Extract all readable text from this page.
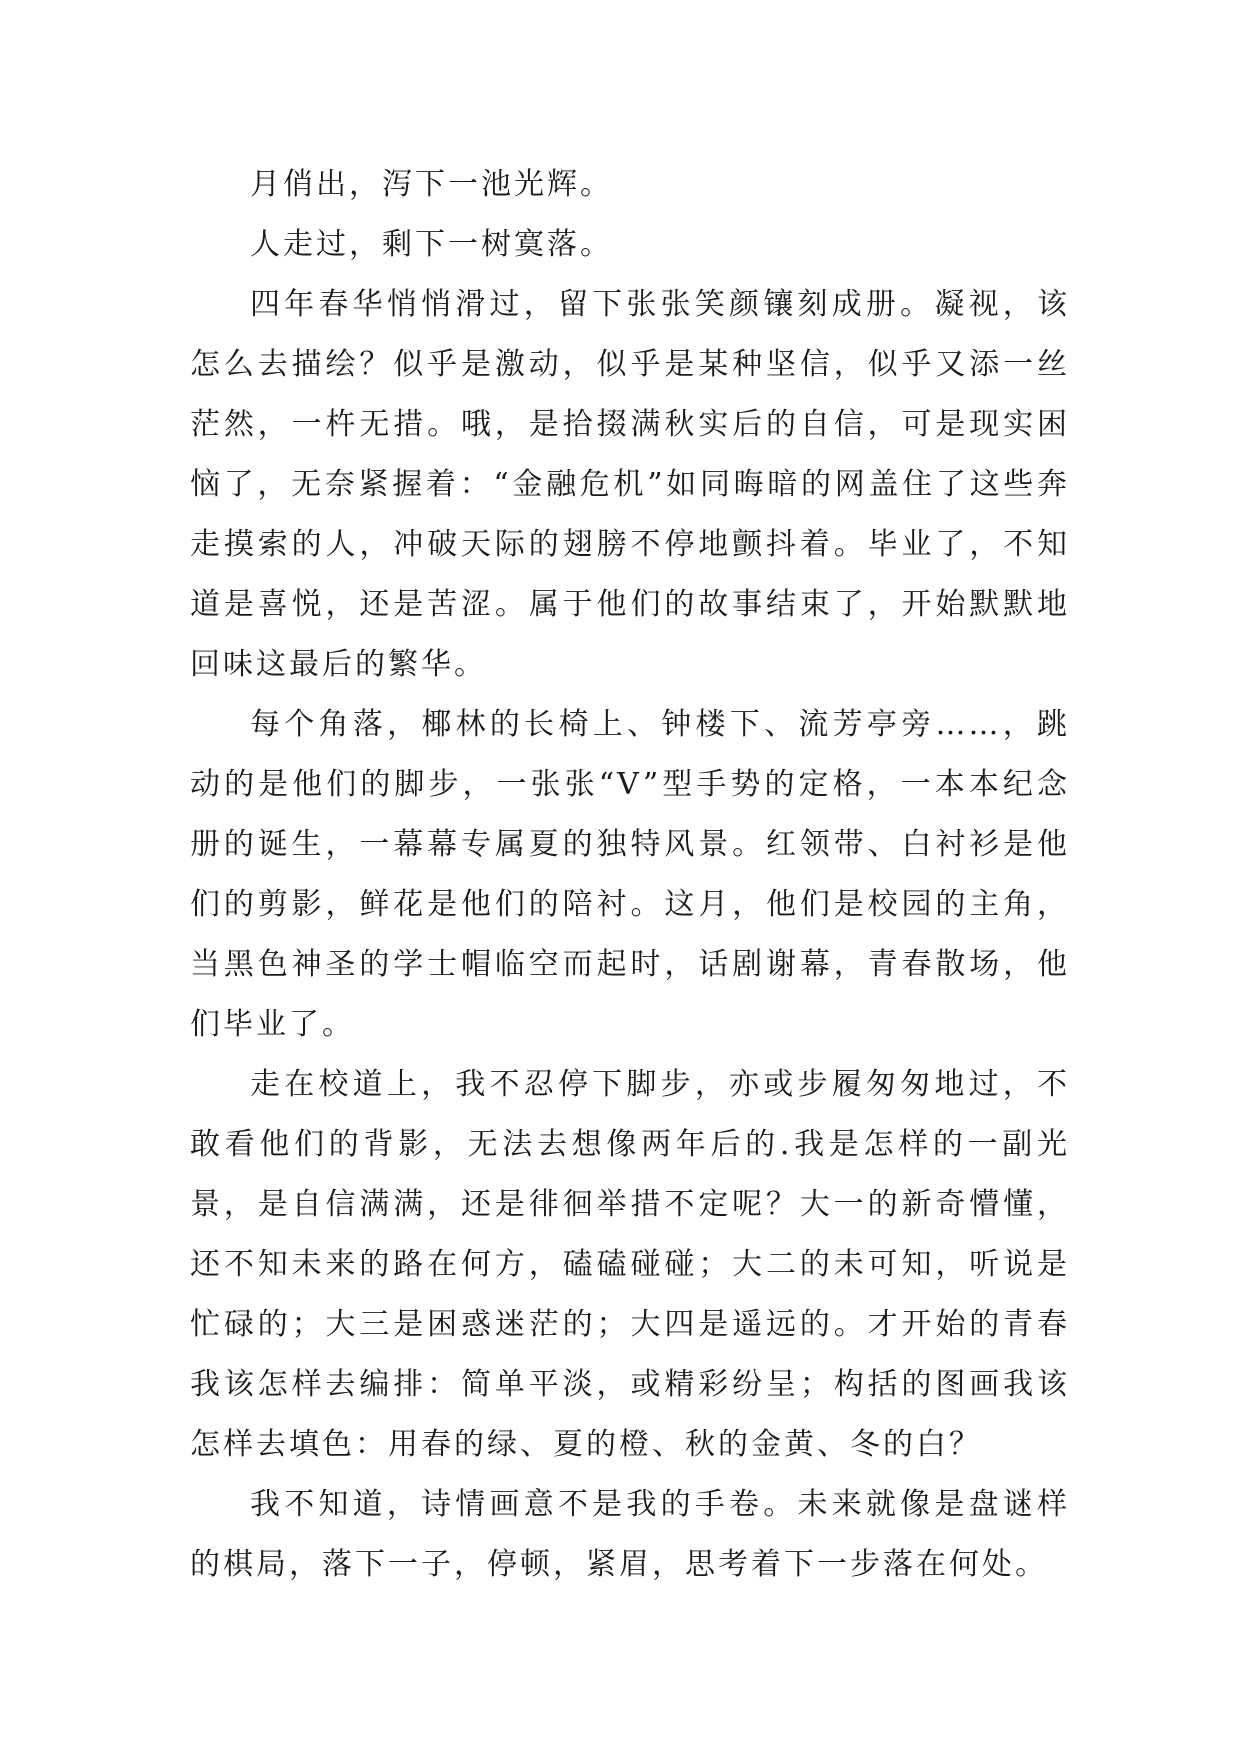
月俏出，泻下一池光辉。

人走过，剩下一树寞落。

四年春华悄悄滑过，留下张张笑颜镶刻成册。凝视，该怎么去描绘？似乎是激动，似乎是某种坚信，似乎又添一丝茫然，一杵无措。哦，是拾掇满秋实后的自信，可是现实困恼了，无奈紧握着：“金融危机”如同晦暗的网盖住了这些奔走摸索的人，冲破天际的翅膀不停地颤抖着。毕业了，不知道是喜悦，还是苦涩。属于他们的故事结束了，开始默默地回味这最后的繁华。

每个角落，椰林的长椅上、钟楼下、流芳亭旁……，跳动的是他们的脚步，一张张“V”型手势的定格，一本本纪念册的诞生，一幕幕专属夏的独特风景。红领带、白衬衫是他们的剪影，鲜花是他们的陪衬。这月，他们是校园的主角，当黑色神圣的学士帽临空而起时，话剧谢幕，青春散场，他们毕业了。

走在校道上，我不忍停下脚步，亦或步履匆匆地过，不敢看他们的背影，无法去想像两年后的.我是怎样的一副光景，是自信满满，还是徘徊举措不定呢？大一的新奇懵懂，还不知未来的路在何方，磕磕碰碰；大二的未可知，听说是忙碌的；大三是困惑迷茫的；大四是遥远的。才开始的青春我该怎样去编排：简单平淡，或精彩纷呈；构括的图画我该怎样去填色：用春的绿、夏的橙、秋的金黄、冬的白？

我不知道，诗情画意不是我的手卷。未来就像是盘谜样的棋局，落下一子，停顿，紧眉，思考着下一步落在何处。
